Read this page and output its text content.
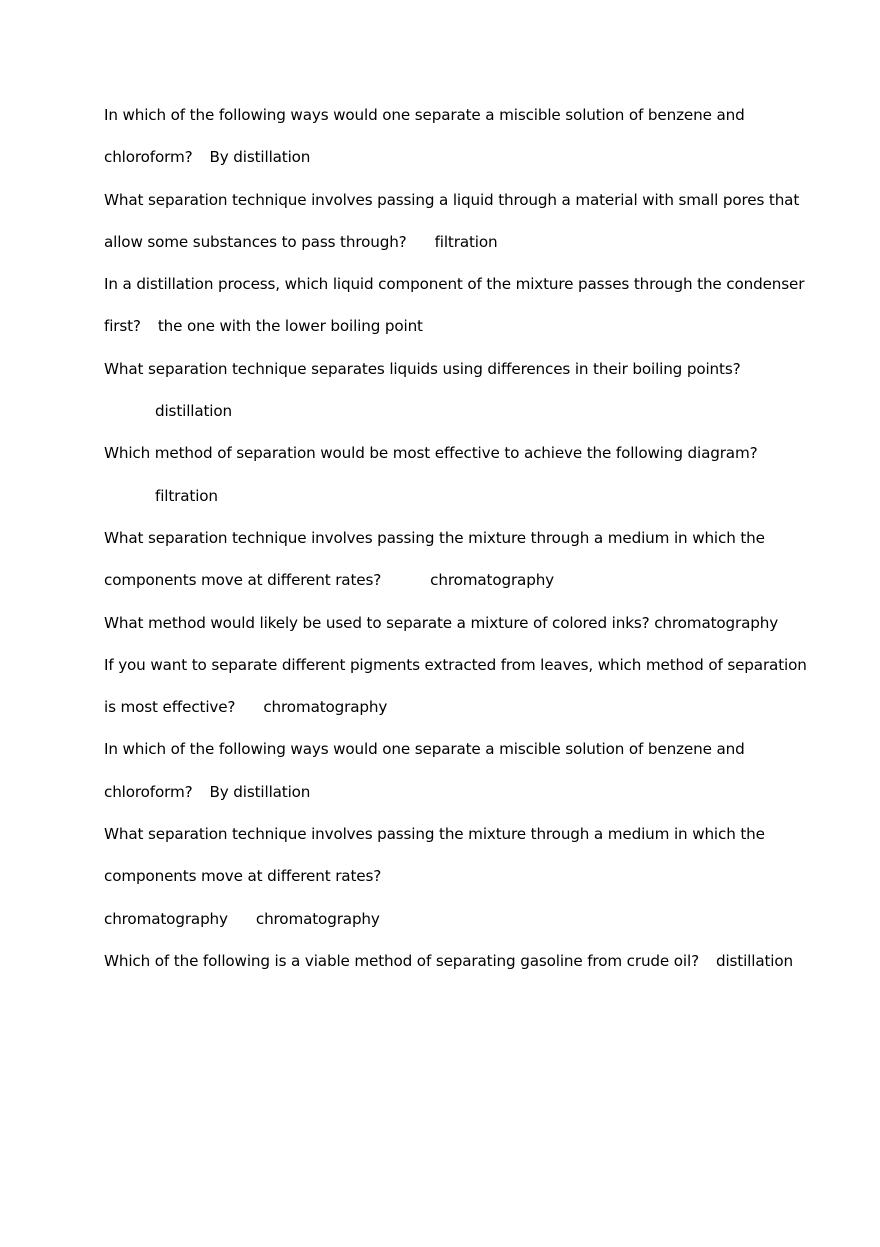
In which of the following ways would one separate a miscible solution of benzene and
chloroform? By distillation
What separation technique involves passing a liquid through a material with small pores that
allow some substances to pass through? filtration
In a distillation process, which liquid component of the mixture passes through the condenser
first? the one with the lower boiling point
What separation technique separates liquids using differences in their boiling points?
distillation
Which method of separation would be most effective to achieve the following diagram?
filtration
What separation technique involves passing the mixture through a medium in which the
components move at different rates?	chromatography
What method would likely be used to separate a mixture of colored inks? chromatography
If you want to separate different pigments extracted from leaves, which method of separation
is most effective? chromatography
In which of the following ways would one separate a miscible solution of benzene and
chloroform? By distillation
What separation technique involves passing the mixture through a medium in which the
components move at different rates?
chromatography chromatography
Which of the following is a viable method of separating gasoline from crude oil? distillation
